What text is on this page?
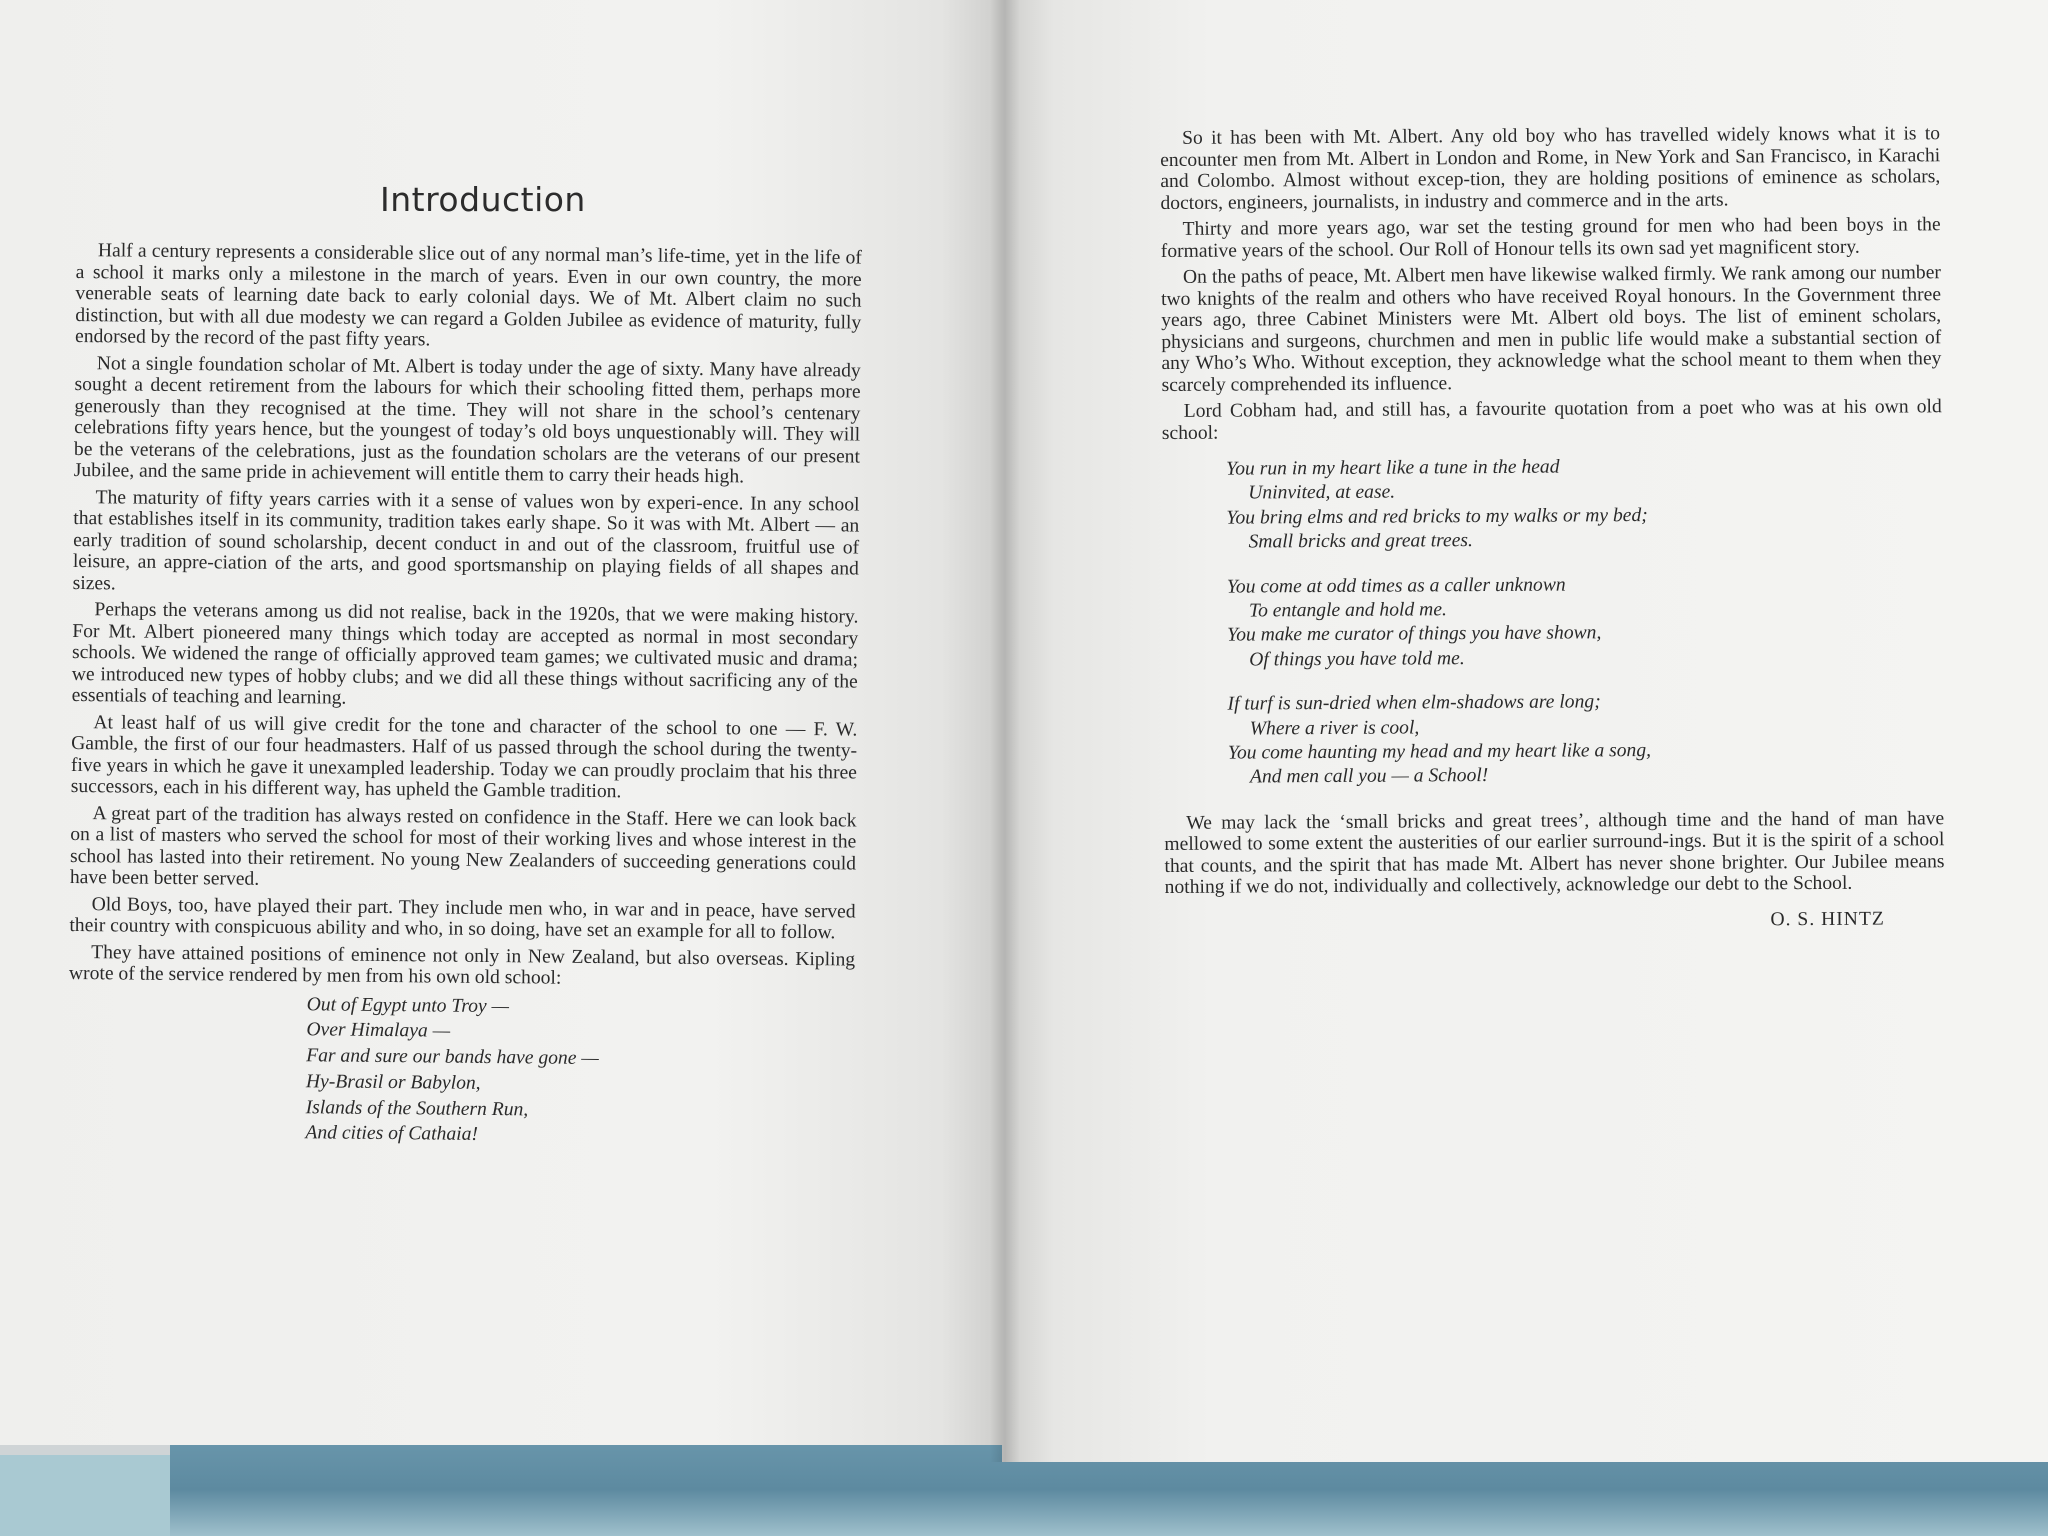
Introduction

Half a century represents a considerable slice out of any normal man’s life-time, yet in the life of a school it marks only a milestone in the march of years. Even in our own country, the more venerable seats of learning date back to early colonial days. We of Mt. Albert claim no such distinction, but with all due modesty we can regard a Golden Jubilee as evidence of maturity, fully endorsed by the record of the past fifty years.

Not a single foundation scholar of Mt. Albert is today under the age of sixty. Many have already sought a decent retirement from the labours for which their schooling fitted them, perhaps more generously than they recognised at the time. They will not share in the school’s centenary celebrations fifty years hence, but the youngest of today’s old boys unquestionably will. They will be the veterans of the celebrations, just as the foundation scholars are the veterans of our present Jubilee, and the same pride in achievement will entitle them to carry their heads high.

The maturity of fifty years carries with it a sense of values won by experi-ence. In any school that establishes itself in its community, tradition takes early shape. So it was with Mt. Albert — an early tradition of sound scholarship, decent conduct in and out of the classroom, fruitful use of leisure, an appre-ciation of the arts, and good sportsmanship on playing fields of all shapes and sizes.

Perhaps the veterans among us did not realise, back in the 1920s, that we were making history. For Mt. Albert pioneered many things which today are accepted as normal in most secondary schools. We widened the range of officially approved team games; we cultivated music and drama; we introduced new types of hobby clubs; and we did all these things without sacrificing any of the essentials of teaching and learning.

At least half of us will give credit for the tone and character of the school to one — F. W. Gamble, the first of our four headmasters. Half of us passed through the school during the twenty-five years in which he gave it unexampled leadership. Today we can proudly proclaim that his three successors, each in his different way, has upheld the Gamble tradition.

A great part of the tradition has always rested on confidence in the Staff. Here we can look back on a list of masters who served the school for most of their working lives and whose interest in the school has lasted into their retirement. No young New Zealanders of succeeding generations could have been better served.

Old Boys, too, have played their part. They include men who, in war and in peace, have served their country with conspicuous ability and who, in so doing, have set an example for all to follow.

They have attained positions of eminence not only in New Zealand, but also overseas. Kipling wrote of the service rendered by men from his own old school:

Out of Egypt unto Troy —
Over Himalaya —
Far and sure our bands have gone —
Hy-Brasil or Babylon,
Islands of the Southern Run,
And cities of Cathaia!

So it has been with Mt. Albert. Any old boy who has travelled widely knows what it is to encounter men from Mt. Albert in London and Rome, in New York and San Francisco, in Karachi and Colombo. Almost without excep-tion, they are holding positions of eminence as scholars, doctors, engineers, journalists, in industry and commerce and in the arts.

Thirty and more years ago, war set the testing ground for men who had been boys in the formative years of the school. Our Roll of Honour tells its own sad yet magnificent story.

On the paths of peace, Mt. Albert men have likewise walked firmly. We rank among our number two knights of the realm and others who have received Royal honours. In the Government three years ago, three Cabinet Ministers were Mt. Albert old boys. The list of eminent scholars, physicians and surgeons, churchmen and men in public life would make a substantial section of any Who’s Who. Without exception, they acknowledge what the school meant to them when they scarcely comprehended its influence.

Lord Cobham had, and still has, a favourite quotation from a poet who was at his own old school:

You run in my heart like a tune in the head
Uninvited, at ease.
You bring elms and red bricks to my walks or my bed;
Small bricks and great trees.
You come at odd times as a caller unknown
To entangle and hold me.
You make me curator of things you have shown,
Of things you have told me.
If turf is sun-dried when elm-shadows are long;
Where a river is cool,
You come haunting my head and my heart like a song,
And men call you — a School!

We may lack the ‘small bricks and great trees’, although time and the hand of man have mellowed to some extent the austerities of our earlier surround-ings. But it is the spirit of a school that counts, and the spirit that has made Mt. Albert has never shone brighter. Our Jubilee means nothing if we do not, individually and collectively, acknowledge our debt to the School.

O. S. HINTZ
